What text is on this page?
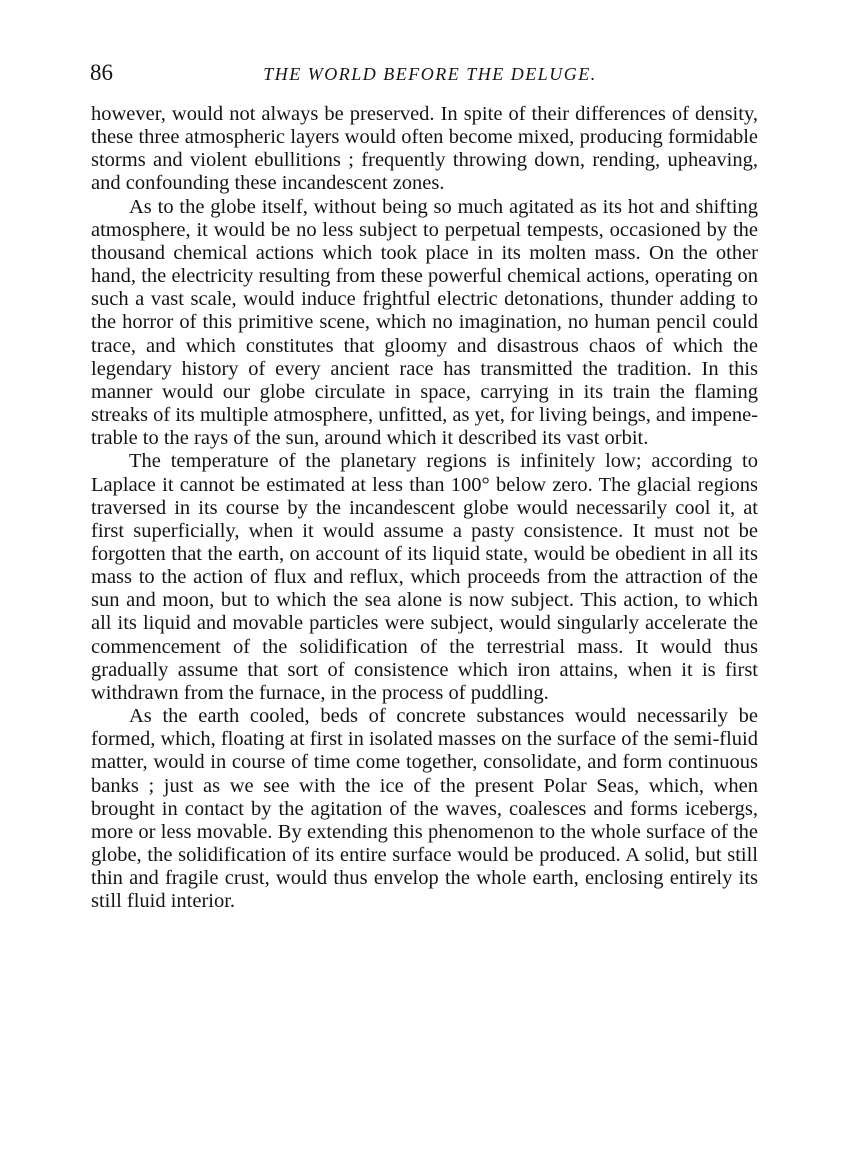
86	THE WORLD BEFORE THE DELUGE.

however, would not always be preserved. In spite of their differences of density, these three atmospheric layers would often become mixed, producing formidable storms and violent ebullitions ; frequently throwing down, rending, upheaving, and confounding these incandescent zones.

As to the globe itself, without being so much agitated as its hot and shifting atmosphere, it would be no less subject to perpetual tempests, occasioned by the thousand chemical actions which took place in its molten mass. On the other hand, the electricity resulting from these powerful chemical actions, operating on such a vast scale, would induce frightful electric detonations, thunder adding to the horror of this primitive scene, which no imagination, no human pencil could trace, and which constitutes that gloomy and disastrous chaos of which the legendary history of every ancient race has transmitted the tradition. In this manner would our globe circulate in space, carrying in its train the flaming streaks of its multiple atmosphere, unfitted, as yet, for living beings, and impenetrable to the rays of the sun, around which it described its vast orbit.

The temperature of the planetary regions is infinitely low; according to Laplace it cannot be estimated at less than 100° below zero. The glacial regions traversed in its course by the incandescent globe would necessarily cool it, at first superficially, when it would assume a pasty consistence. It must not be forgotten that the earth, on account of its liquid state, would be obedient in all its mass to the action of flux and reflux, which proceeds from the attraction of the sun and moon, but to which the sea alone is now subject. This action, to which all its liquid and movable particles were subject, would singularly accelerate the commencement of the solidification of the terrestrial mass. It would thus gradually assume that sort of consistence which iron attains, when it is first withdrawn from the furnace, in the process of puddling.

As the earth cooled, beds of concrete substances would necessarily be formed, which, floating at first in isolated masses on the surface of the semi-fluid matter, would in course of time come together, consolidate, and form continuous banks ; just as we see with the ice of the present Polar Seas, which, when brought in contact by the agitation of the waves, coalesces and forms icebergs, more or less movable. By extending this phenomenon to the whole surface of the globe, the solidification of its entire surface would be produced. A solid, but still thin and fragile crust, would thus envelop the whole earth, enclosing entirely its still fluid interior.
